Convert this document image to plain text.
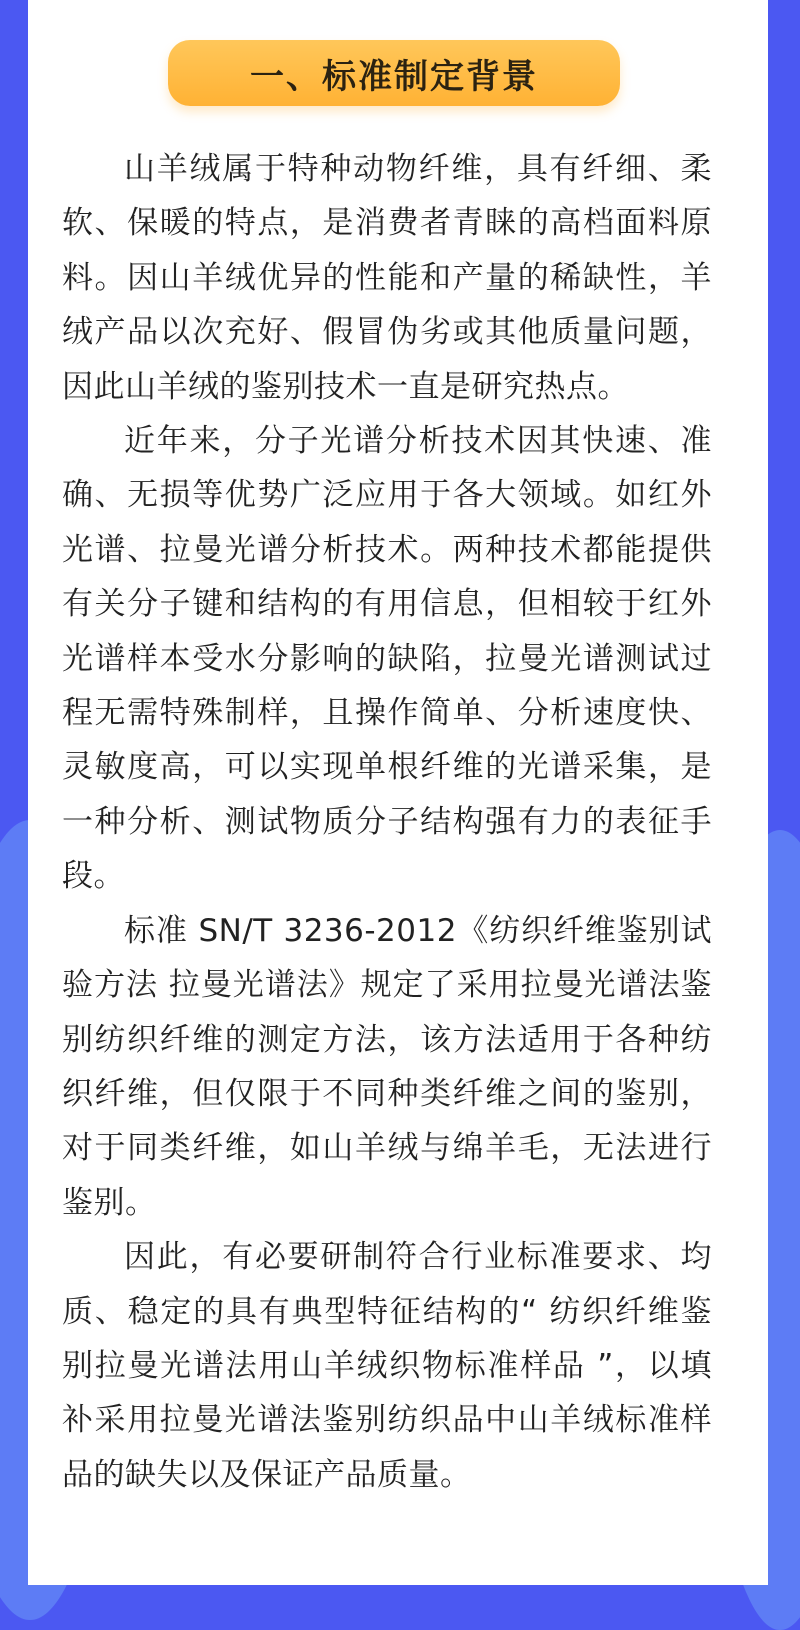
一、标准制定背景

山羊绒属于特种动物纤维，具有纤细、柔软、保暖的特点，是消费者青睐的高档面料原料。因山羊绒优异的性能和产量的稀缺性，羊绒产品以次充好、假冒伪劣或其他质量问题，因此山羊绒的鉴别技术一直是研究热点。

近年来，分子光谱分析技术因其快速、准确、无损等优势广泛应用于各大领域。如红外光谱、拉曼光谱分析技术。两种技术都能提供有关分子键和结构的有用信息，但相较于红外光谱样本受水分影响的缺陷，拉曼光谱测试过程无需特殊制样，且操作简单、分析速度快、灵敏度高，可以实现单根纤维的光谱采集，是一种分析、测试物质分子结构强有力的表征手段。

标准 SN/T 3236-2012《纺织纤维鉴别试验方法 拉曼光谱法》规定了采用拉曼光谱法鉴别纺织纤维的测定方法，该方法适用于各种纺织纤维，但仅限于不同种类纤维之间的鉴别，对于同类纤维，如山羊绒与绵羊毛，无法进行鉴别。

因此，有必要研制符合行业标准要求、均质、稳定的具有典型特征结构的“ 纺织纤维鉴别拉曼光谱法用山羊绒织物标准样品 ”，以填补采用拉曼光谱法鉴别纺织品中山羊绒标准样品的缺失以及保证产品质量。
